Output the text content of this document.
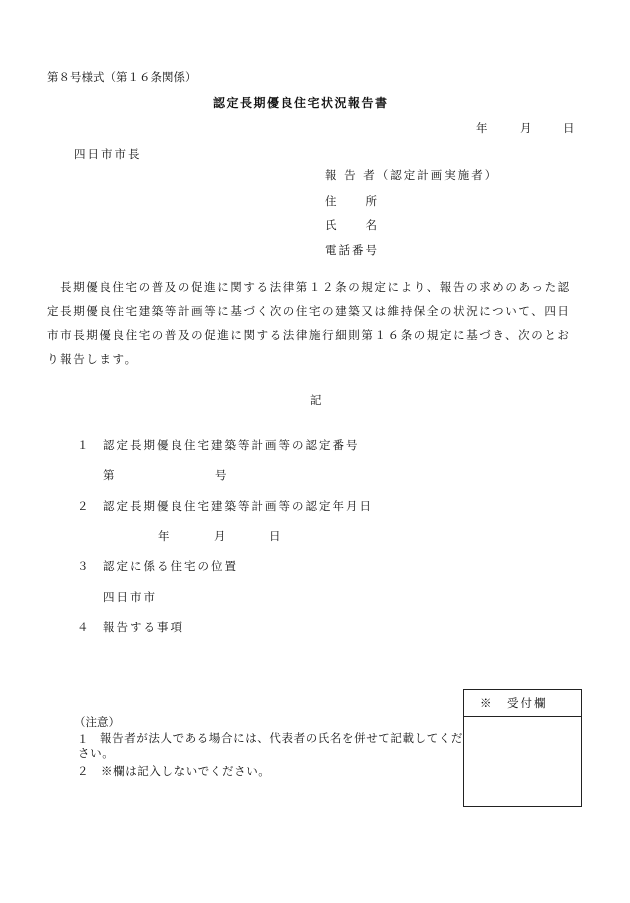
第８号様式（第１６条関係）
認定長期優良住宅状況報告書
年	月	日
四日市市長
報 告 者（認定計画実施者）
住　　所
氏　　名
電話番号
長期優良住宅の普及の促進に関する法律第１２条の規定により、報告の求めのあった認定長期優良住宅建築等計画等に基づく次の住宅の建築又は維持保全の状況について、四日市市長期優良住宅の普及の促進に関する法律施行細則第１６条の規定に基づき、次のとおり報告します。
記
１ 認定長期優良住宅建築等計画等の認定番号
第	号
２ 認定長期優良住宅建築等計画等の認定年月日
年	月	日
３ 認定に係る住宅の位置
四日市市
４ 報告する事項
（注意）
１	報告者が法人である場合には、代表者の氏名を併せて記載してください。
２ ※欄は記入しないでください。
※　受付欄
